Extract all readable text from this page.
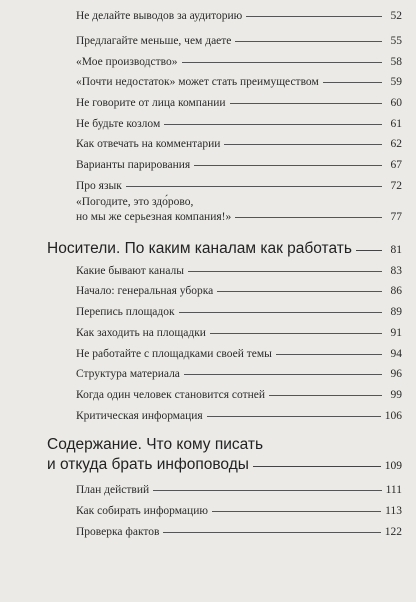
Не делайте выводов за аудиторию	52
Предлагайте меньше, чем даете	55
«Мое производство»	58
«Почти недостаток» может стать преимуществом	59
Не говорите от лица компании	60
Не будьте козлом	61
Как отвечать на комментарии	62
Варианты парирования	67
Про язык	72
«Погодите, это здо́рово,
но мы же серьезная компания!»	77
Носители. По каким каналам как работать	81
Какие бывают каналы	83
Начало: генеральная уборка	86
Перепись площадок	89
Как заходить на площадки	91
Не работайте с площадками своей темы	94
Структура материала	96
Когда один человек становится сотней	99
Критическая информация	106
Содержание. Что кому писать
и откуда брать инфоповоды	109
План действий	111
Как собирать информацию	113
Проверка фактов	122
